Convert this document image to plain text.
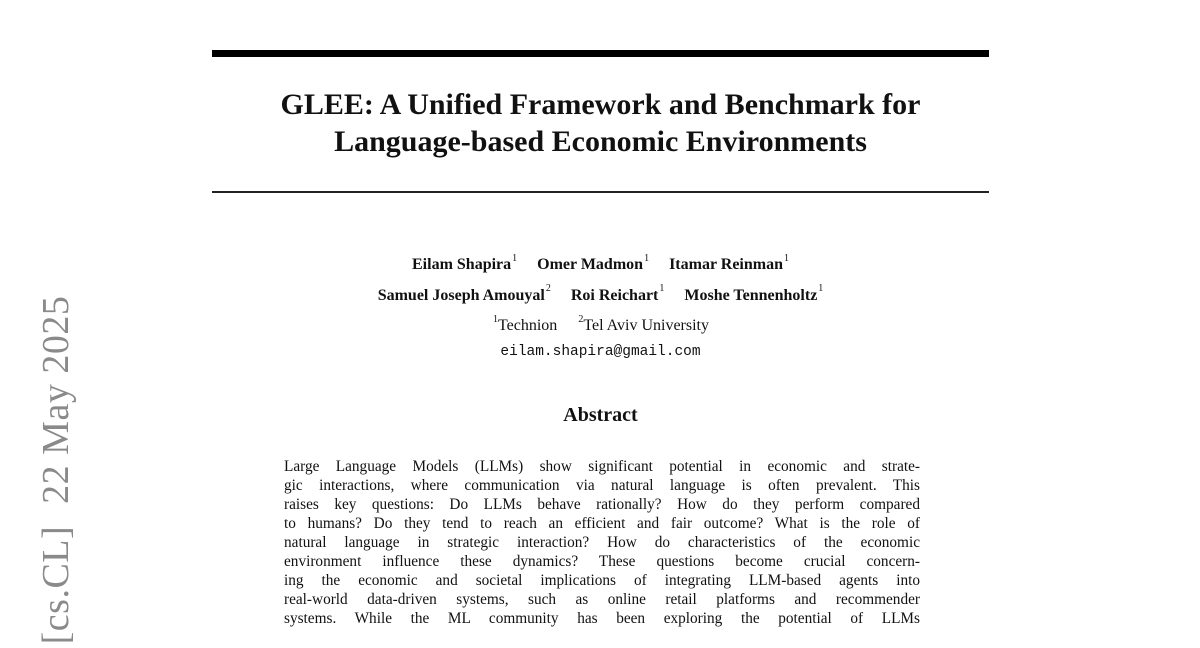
[cs.CL]22 May 2025
GLEE: A Unified Framework and Benchmark for
Language-based Economic Environments
Eilam Shapira$^1$ Omer Madmon$^1$ Itamar Reinman$^1$
Samuel Joseph Amouyal$^2$ Roi Reichart$^1$ Moshe Tennenholtz$^1$
$^1$Technion $^2$Tel Aviv University
eilam.shapira@gmail.com
Abstract
Large Language Models (LLMs) show significant potential in economic and strate-
gic interactions, where communication via natural language is often prevalent. This
raises key questions: Do LLMs behave rationally? How do they perform compared
to humans? Do they tend to reach an efficient and fair outcome? What is the role of
natural language in strategic interaction? How do characteristics of the economic
environment influence these dynamics? These questions become crucial concern-
ing the economic and societal implications of integrating LLM-based agents into
real-world data-driven systems, such as online retail platforms and recommender
systems. While the ML community has been exploring the potential of LLMs
